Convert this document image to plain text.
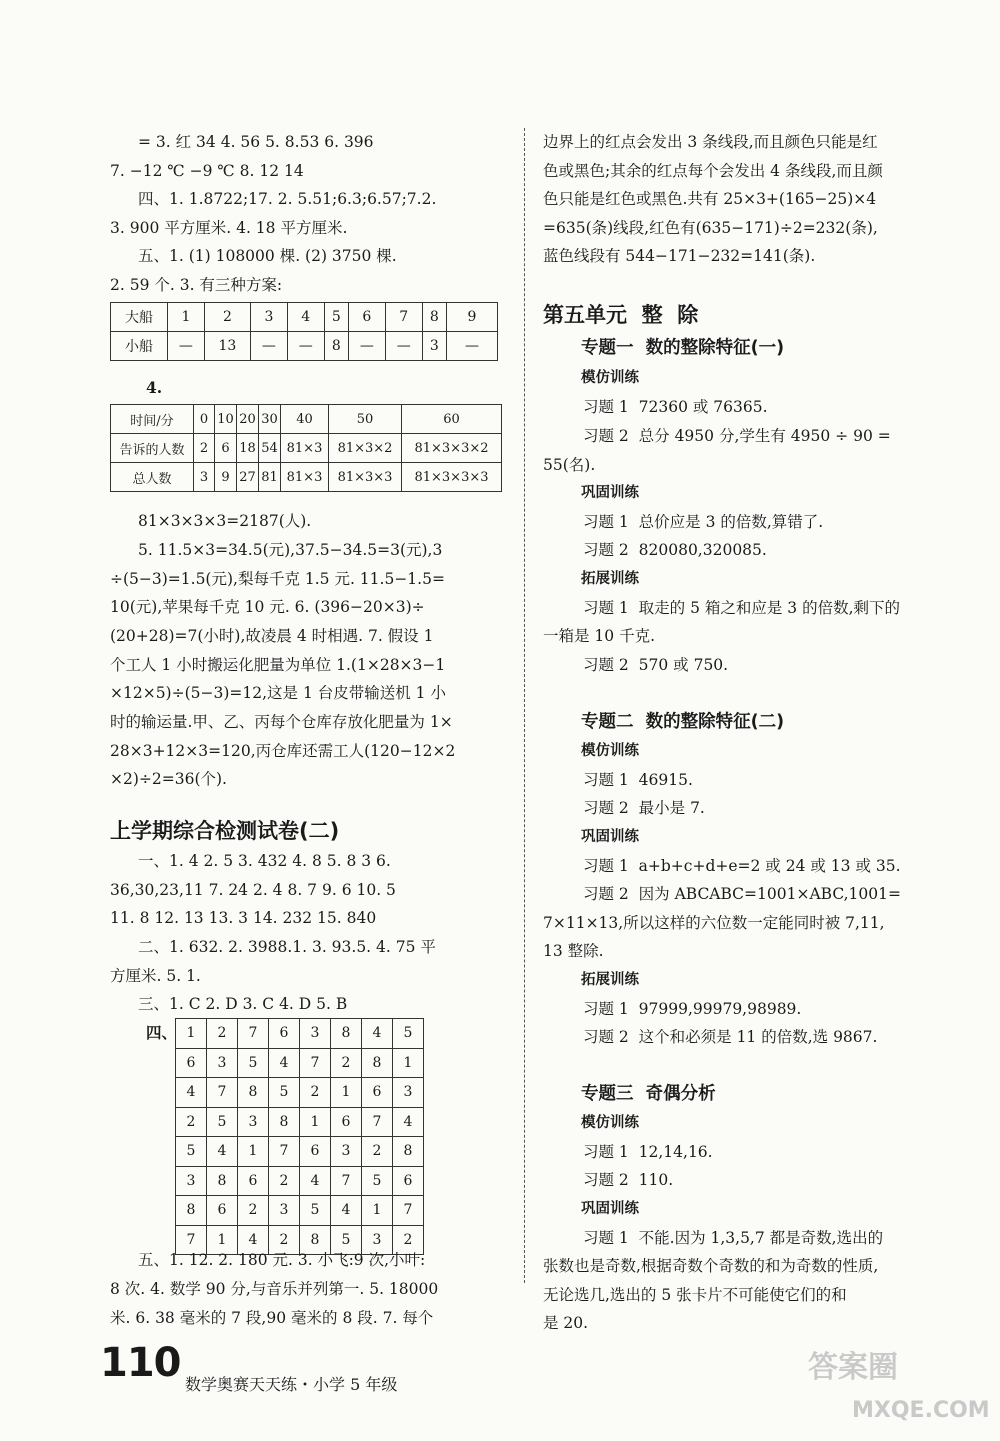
= 3. 红 34 4. 56 5. 8.53 6. 396
7. −12 ℃ −9 ℃ 8. 12 14
四、1. 1.8722;17. 2. 5.51;6.3;6.57;7.2.
3. 900 平方厘米. 4. 18 平方厘米.
五、1. (1) 108000 棵. (2) 3750 棵.
2. 59 个. 3. 有三种方案:
大船	1	2	3	4	5	6	7	8	9
小船	—	13	—	—	8	—	—	3	—
4.
时间/分	0	10	20	30	40	50	60
告诉的人数	2	6	18	54	81×3	81×3×2	81×3×3×2
总人数	3	9	27	81	81×3	81×3×3	81×3×3×3
81×3×3×3=2187(人).
5. 11.5×3=34.5(元),37.5−34.5=3(元),3
÷(5−3)=1.5(元),梨每千克 1.5 元. 11.5−1.5=
10(元),苹果每千克 10 元. 6. (396−20×3)÷
(20+28)=7(小时),故凌晨 4 时相遇. 7. 假设 1
个工人 1 小时搬运化肥量为单位 1.(1×28×3−1
×12×5)÷(5−3)=12,这是 1 台皮带输送机 1 小
时的输运量.甲、乙、丙每个仓库存放化肥量为 1×
28×3+12×3=120,丙仓库还需工人(120−12×2
×2)÷2=36(个).
上学期综合检测试卷(二)
一、1. 4 2. 5 3. 432 4. 8 5. 8 3 6.
36,30,23,11 7. 24 2. 4 8. 7 9. 6 10. 5
11. 8 12. 13 13. 3 14. 232 15. 840
二、1. 632. 2. 3988.1. 3. 93.5. 4. 75 平
方厘米. 5. 1.
三、1. C 2. D 3. C 4. D 5. B
四、 1	2	7	6	3	8	4	5
6	3	5	4	7	2	8	1
4	7	8	5	2	1	6	3
2	5	3	8	1	6	7	4
5	4	1	7	6	3	2	8
3	8	6	2	4	7	5	6
8	6	2	3	5	4	1	7
7	1	4	2	8	5	3	2
五、1. 12. 2. 180 元. 3. 小飞:9 次,小叶:
8 次. 4. 数学 90 分,与音乐并列第一. 5. 18000
米. 6. 38 毫米的 7 段,90 毫米的 8 段. 7. 每个
边界上的红点会发出 3 条线段,而且颜色只能是红
色或黑色;其余的红点每个会发出 4 条线段,而且颜
色只能是红色或黑色.共有 25×3+(165−25)×4
=635(条)线段,红色有(635−171)÷2=232(条),
蓝色线段有 544−171−232=141(条).
第五单元  整  除
专题一  数的整除特征(一)
模仿训练
习题 1  72360 或 76365.
习题 2  总分 4950 分,学生有 4950 ÷ 90 =
55(名).
巩固训练
习题 1  总价应是 3 的倍数,算错了.
习题 2  820080,320085.
拓展训练
习题 1  取走的 5 箱之和应是 3 的倍数,剩下的
一箱是 10 千克.
习题 2  570 或 750.
专题二  数的整除特征(二)
模仿训练
习题 1  46915.
习题 2  最小是 7.
巩固训练
习题 1  a+b+c+d+e=2 或 24 或 13 或 35.
习题 2  因为 ABCABC=1001×ABC,1001=
7×11×13,所以这样的六位数一定能同时被 7,11,
13 整除.
拓展训练
习题 1  97999,99979,98989.
习题 2  这个和必须是 11 的倍数,选 9867.
专题三  奇偶分析
模仿训练
习题 1  12,14,16.
习题 2  110.
巩固训练
习题 1  不能.因为 1,3,5,7 都是奇数,选出的
张数也是奇数,根据奇数个奇数的和为奇数的性质,
无论选几,选出的 5 张卡片不可能使它们的和
是 20.
110 数学奥赛天天练・小学 5 年级	答案圈
MXQE.COM
